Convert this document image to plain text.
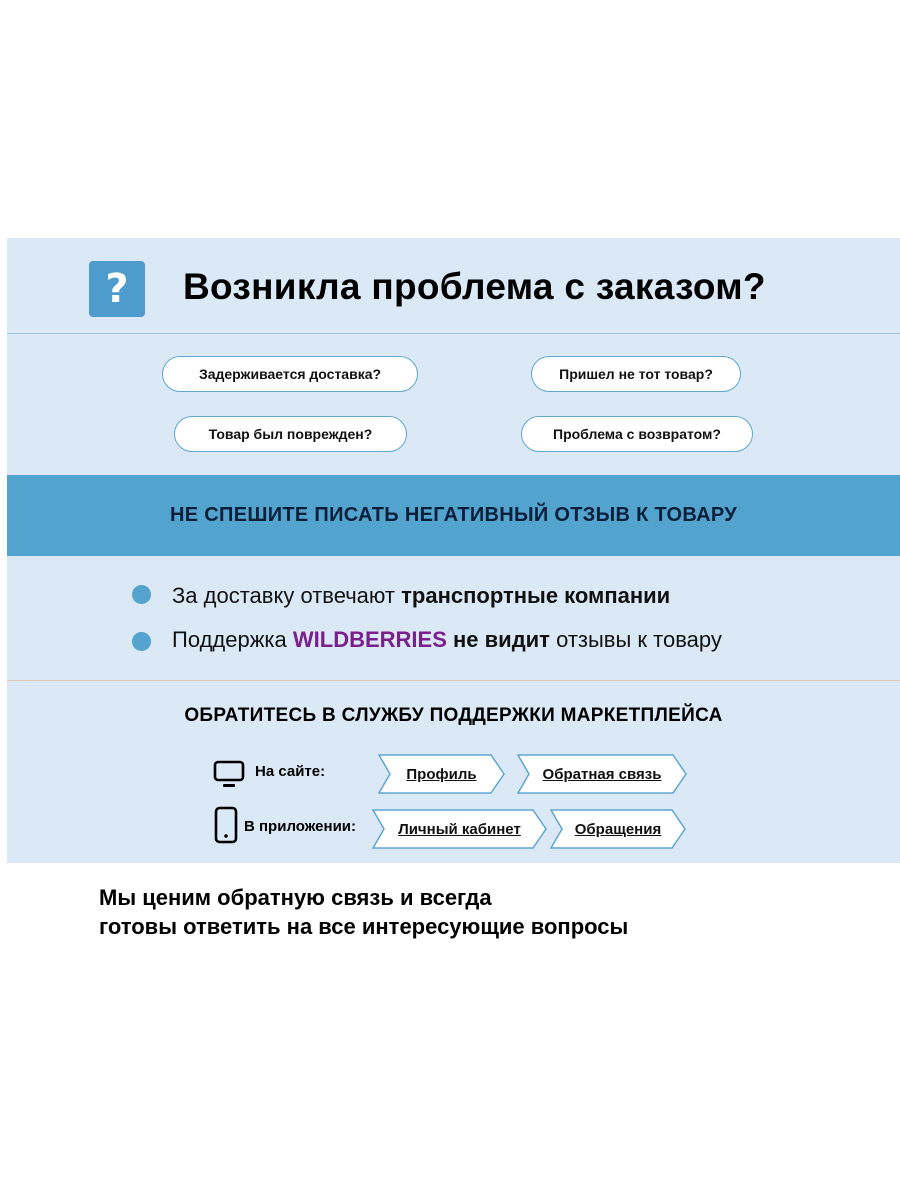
?	Возникла проблема с заказом?
Задерживается доставка?	Пришел не тот товар?
Товар был поврежден?	Проблема с возвратом?
НЕ СПЕШИТЕ ПИСАТЬ НЕГАТИВНЫЙ ОТЗЫВ К ТОВАРУ
За доставку отвечают транспортные компании
Поддержка WILDBERRIES не видит отзывы к товару
ОБРАТИТЕСЬ В СЛУЖБУ ПОДДЕРЖКИ МАРКЕТПЛЕЙСА
На сайте:	Профиль	Обратная связь
В приложении:	Личный кабинет	Обращения
Мы ценим обратную связь и всегда
готовы ответить на все интересующие вопросы
